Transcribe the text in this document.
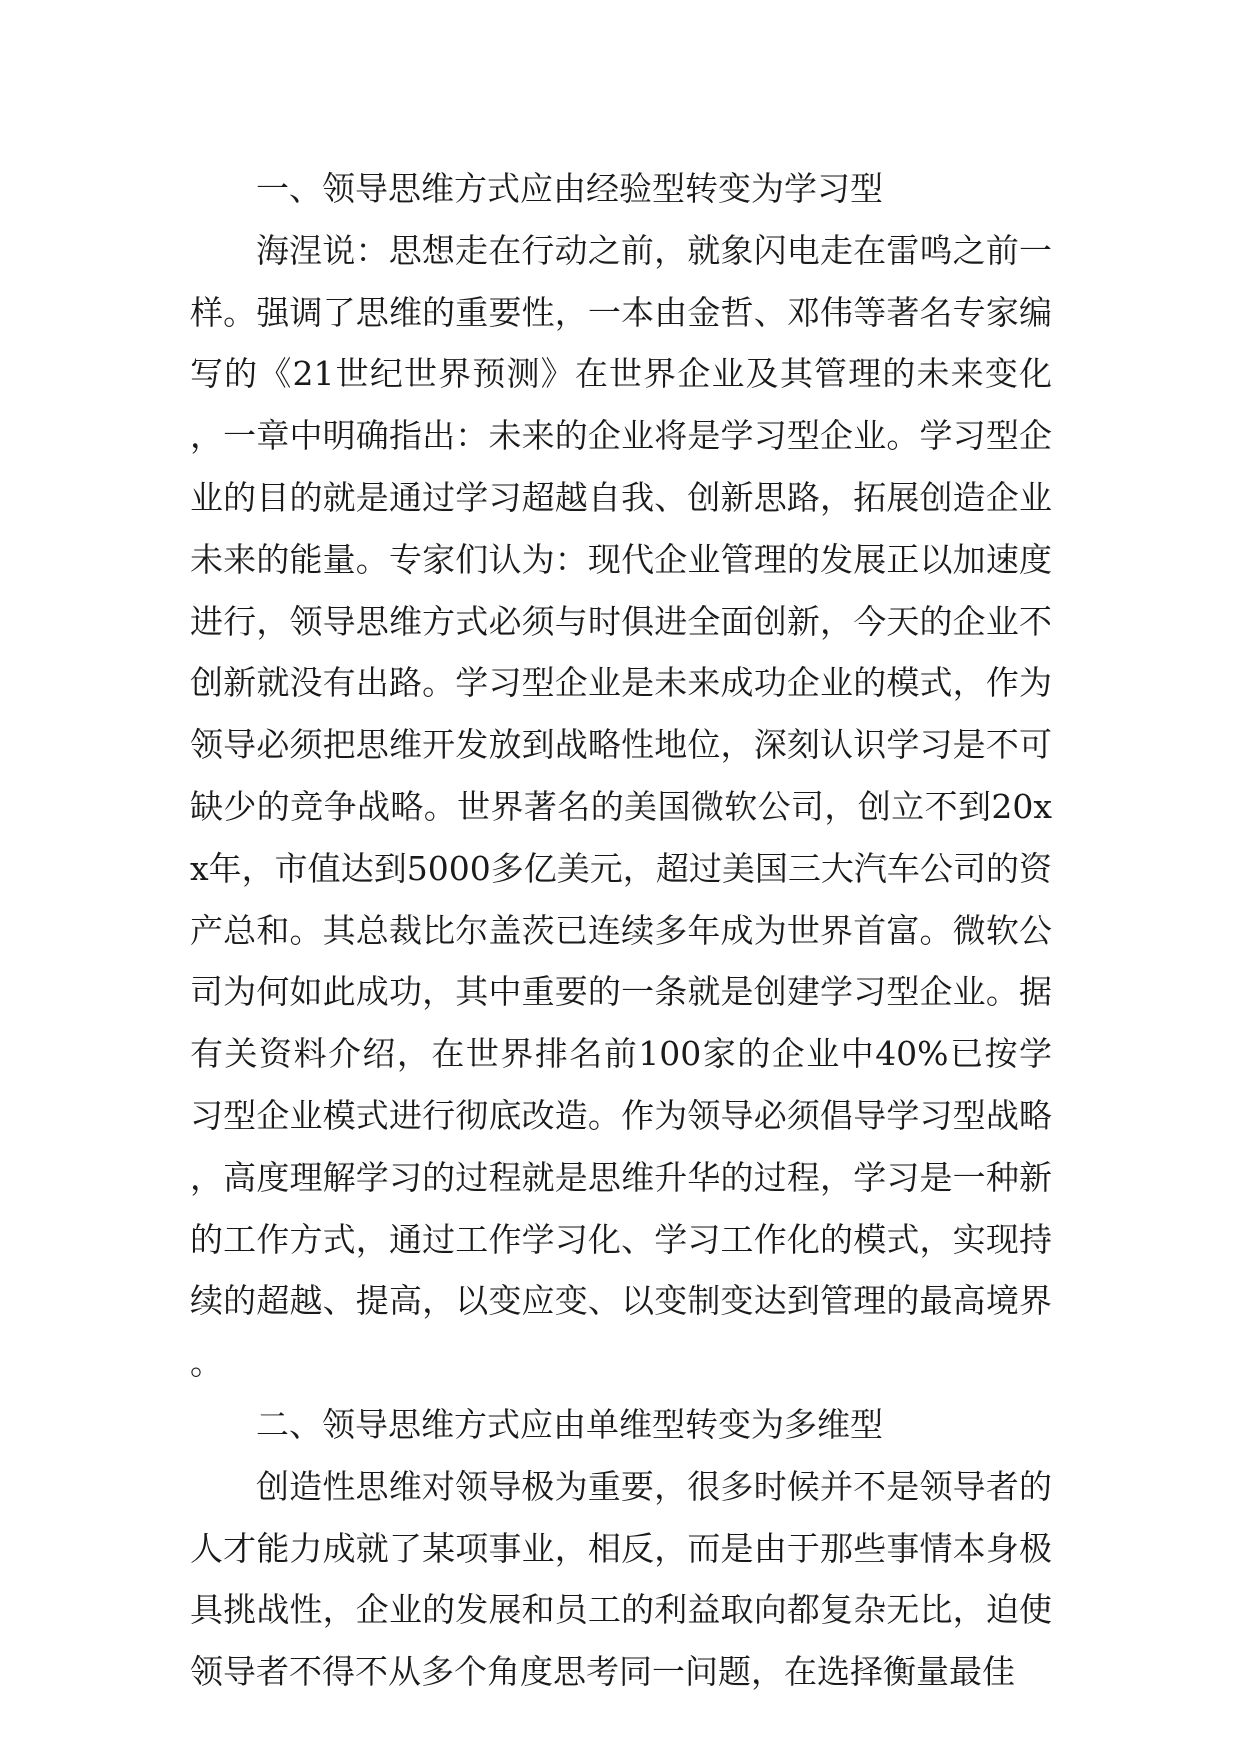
一、领导思维方式应由经验型转变为学习型

海涅说：思想走在行动之前，就象闪电走在雷鸣之前一样。强调了思维的重要性，一本由金哲、邓伟等著名专家编写的《21世纪世界预测》在世界企业及其管理的未来变化，一章中明确指出：未来的企业将是学习型企业。学习型企业的目的就是通过学习超越自我、创新思路，拓展创造企业未来的能量。专家们认为：现代企业管理的发展正以加速度进行，领导思维方式必须与时俱进全面创新，今天的企业不创新就没有出路。学习型企业是未来成功企业的模式，作为领导必须把思维开发放到战略性地位，深刻认识学习是不可缺少的竞争战略。世界著名的美国微软公司，创立不到20xx年，市值达到5000多亿美元，超过美国三大汽车公司的资产总和。其总裁比尔盖茨已连续多年成为世界首富。微软公司为何如此成功，其中重要的一条就是创建学习型企业。据有关资料介绍，在世界排名前100家的企业中40%已按学习型企业模式进行彻底改造。作为领导必须倡导学习型战略，高度理解学习的过程就是思维升华的过程，学习是一种新的工作方式，通过工作学习化、学习工作化的模式，实现持续的超越、提高，以变应变、以变制变达到管理的最高境界。

二、领导思维方式应由单维型转变为多维型

创造性思维对领导极为重要，很多时候并不是领导者的人才能力成就了某项事业，相反，而是由于那些事情本身极具挑战性，企业的发展和员工的利益取向都复杂无比，迫使领导者不得不从多个角度思考同一问题，在选择衡量最佳
